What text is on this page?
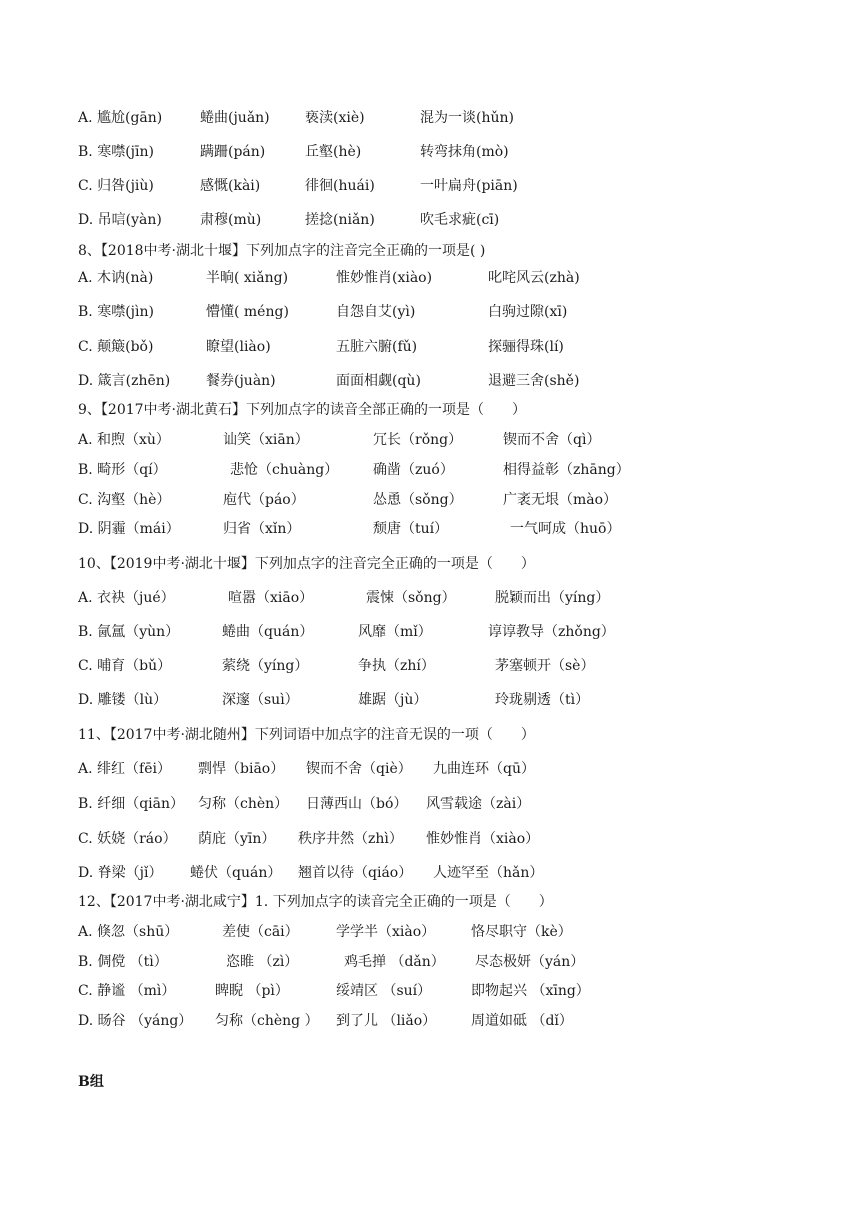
A. 尴尬(gān)	蜷曲(juǎn)	亵渎(xiè)	混为一谈(hǔn)
B. 寒噤(jīn)	蹒跚(pán)	丘壑(hè)	转弯抹角(mò)
C. 归咎(jiù)	感慨(kài)	徘徊(huái)	一叶扁舟(piān)
D. 吊唁(yàn)	肃穆(mù)	搓捻(niǎn)	吹毛求疵(cī)
8、【2018中考·湖北十堰】下列加点字的注音完全正确的一项是( )
A. 木讷(nà)	半晌( xiǎng)	惟妙惟肖(xiào)	叱咤风云(zhà)
B. 寒噤(jìn)	懵懂( méng)	自怨自艾(yì)	白驹过隙(xī)
C. 颠簸(bǒ)	瞭望(liào)	五脏六腑(fǔ)	探骊得珠(lí)
D. 箴言(zhēn)	餐券(juàn)	面面相觑(qù)	退避三舍(shě)
9、【2017中考·湖北黄石】下列加点字的读音全部正确的一项是（　　）
A. 和煦（xù）	讪笑（xiān）	冗长（rǒng）	锲而不舍（qì）
B. 畸形（qí）	悲怆（chuàng） 确凿（zuó）	相得益彰（zhāng）
C. 沟壑（hè）	庖代（páo）	怂恿（sǒng）	广袤无垠（mào）
D. 阴霾（mái）	归省（xǐn）	颓唐（tuí）	一气呵成（huō）
10、【2019中考·湖北十堰】下列加点字的注音完全正确的一项是（　　）
A. 衣袂（jué）	喧嚣（xiāo）	震悚（sǒng）	脱颖而出（yíng）
B. 氤氲（yùn）	蜷曲（quán）	风靡（mǐ）	谆谆教导（zhǒng）
C. 哺育（bǔ）	萦绕（yíng）	争执（zhí）	茅塞顿开（sè）
D. 雕镂（lù）	深邃（suì）	雄踞（jù）	玲珑剔透（tì）
11、【2017中考·湖北随州】下列词语中加点字的注音无误的一项（　　）
A. 绯红（fēi） 剽悍（biāo） 锲而不舍（qiè） 九曲连环（qū）
B. 纤细（qiān） 匀称（chèn） 日薄西山（bó） 风雪载途（zài）
C. 妖娆（ráo） 荫庇（yīn） 秩序井然（zhì） 惟妙惟肖（xiào）
D. 脊梁（jǐ） 蜷伏（quán） 翘首以待（qiáo） 人迹罕至（hǎn）
12、【2017中考·湖北咸宁】1. 下列加点字的读音完全正确的一项是（　　）
A. 倏忽（shū）	差使（cāi）	学学半（xiào）	恪尽职守（kè）
B. 倜傥 （tì）	恣睢 （zì）	鸡毛掸 （dǎn） 尽态极妍（yán）
C. 静谧 （mì）	睥睨 （pì）	绥靖区 （suí）	即物起兴 （xīng）
D. 旸谷 （yáng） 匀称（chèng ） 到了儿 （liǎo） 周道如砥 （dǐ）
B组
